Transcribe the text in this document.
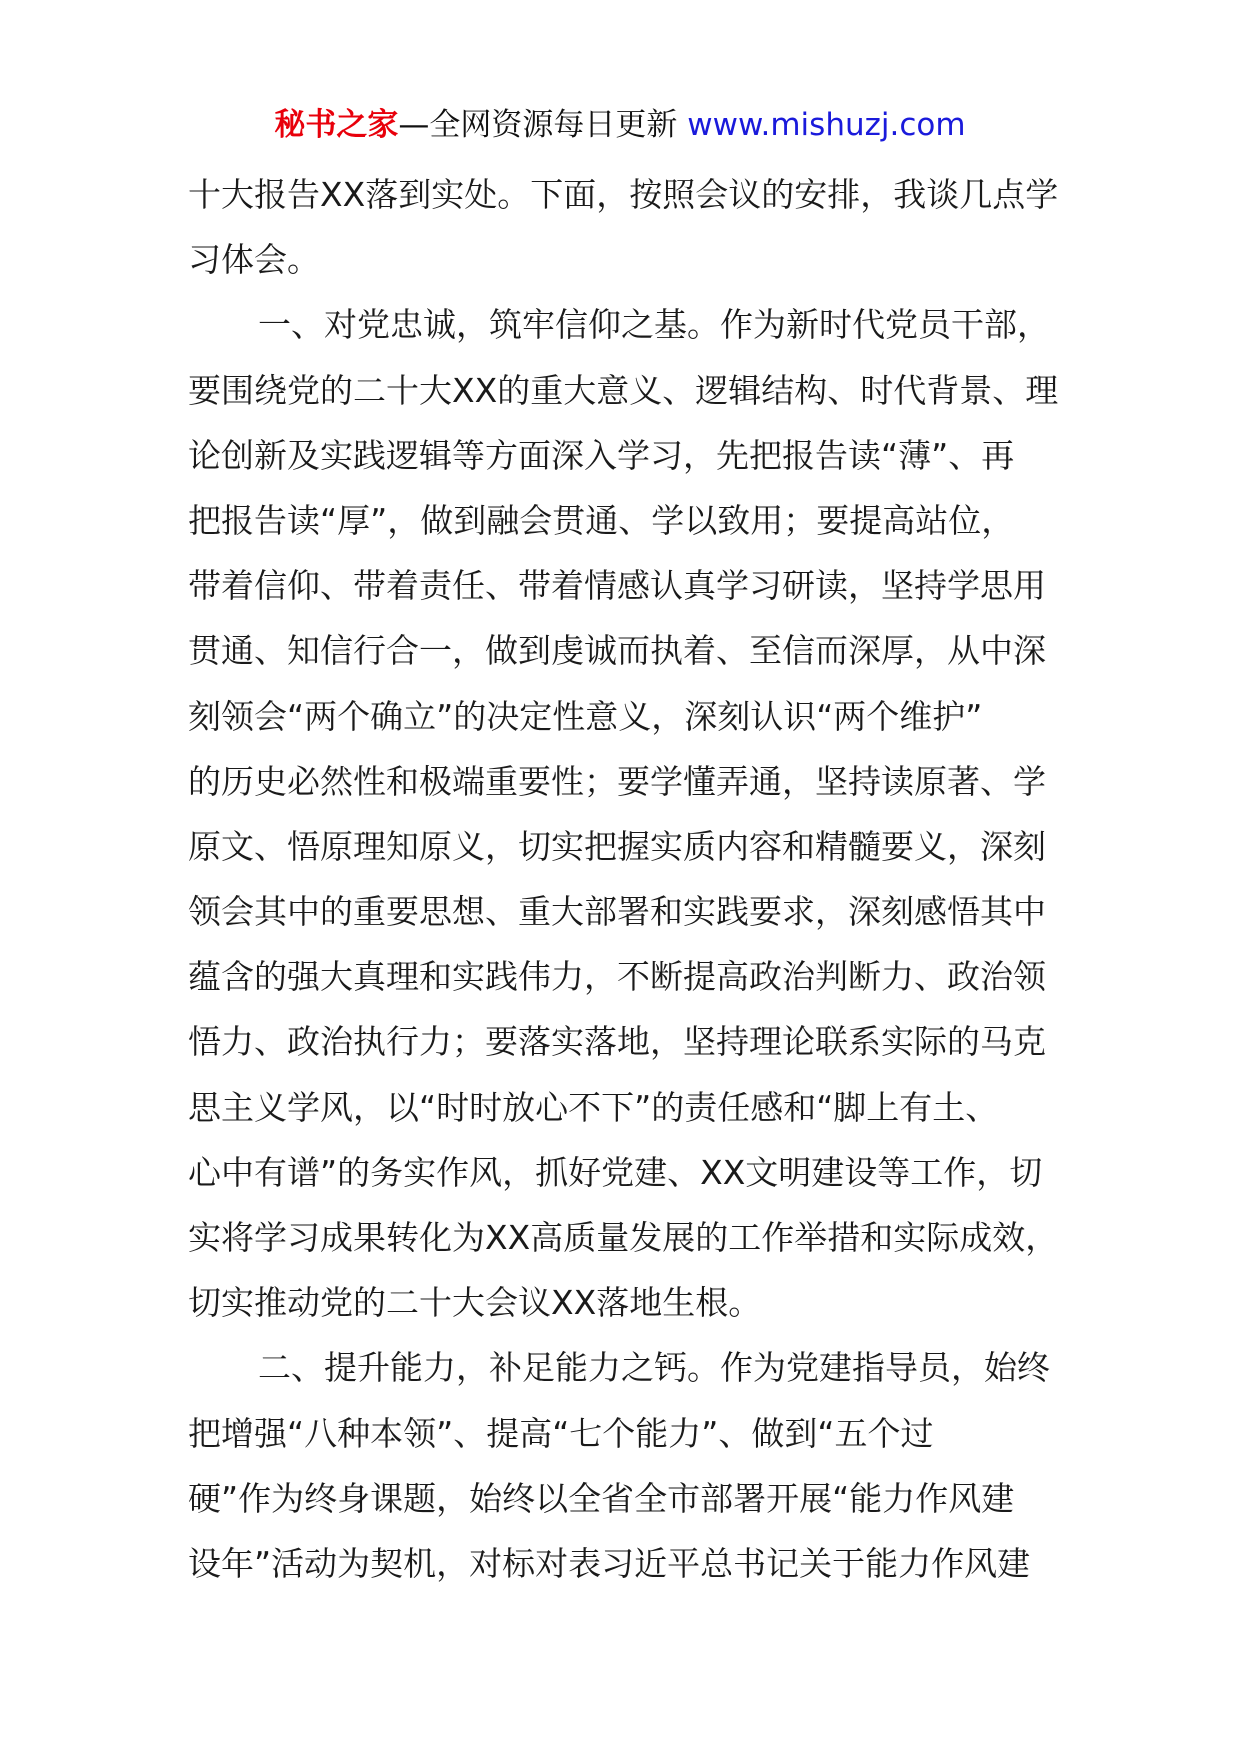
秘书之家—全网资源每日更新 www.mishuzj.com
十大报告XX落到实处。下面，按照会议的安排，我谈几点学
习体会。
一、对党忠诚，筑牢信仰之基。作为新时代党员干部，
要围绕党的二十大XX的重大意义、逻辑结构、时代背景、理
论创新及实践逻辑等方面深入学习，先把报告读“薄”、再
把报告读“厚”，做到融会贯通、学以致用；要提高站位，
带着信仰、带着责任、带着情感认真学习研读，坚持学思用
贯通、知信行合一，做到虔诚而执着、至信而深厚，从中深
刻领会“两个确立”的决定性意义，深刻认识“两个维护”
的历史必然性和极端重要性；要学懂弄通，坚持读原著、学
原文、悟原理知原义，切实把握实质内容和精髓要义，深刻
领会其中的重要思想、重大部署和实践要求，深刻感悟其中
蕴含的强大真理和实践伟力，不断提高政治判断力、政治领
悟力、政治执行力；要落实落地，坚持理论联系实际的马克
思主义学风，以“时时放心不下”的责任感和“脚上有土、
心中有谱”的务实作风，抓好党建、XX文明建设等工作，切
实将学习成果转化为XX高质量发展的工作举措和实际成效，
切实推动党的二十大会议XX落地生根。
二、提升能力，补足能力之钙。作为党建指导员，始终
把增强“八种本领”、提高“七个能力”、做到“五个过
硬”作为终身课题，始终以全省全市部署开展“能力作风建
设年”活动为契机，对标对表习近平总书记关于能力作风建
